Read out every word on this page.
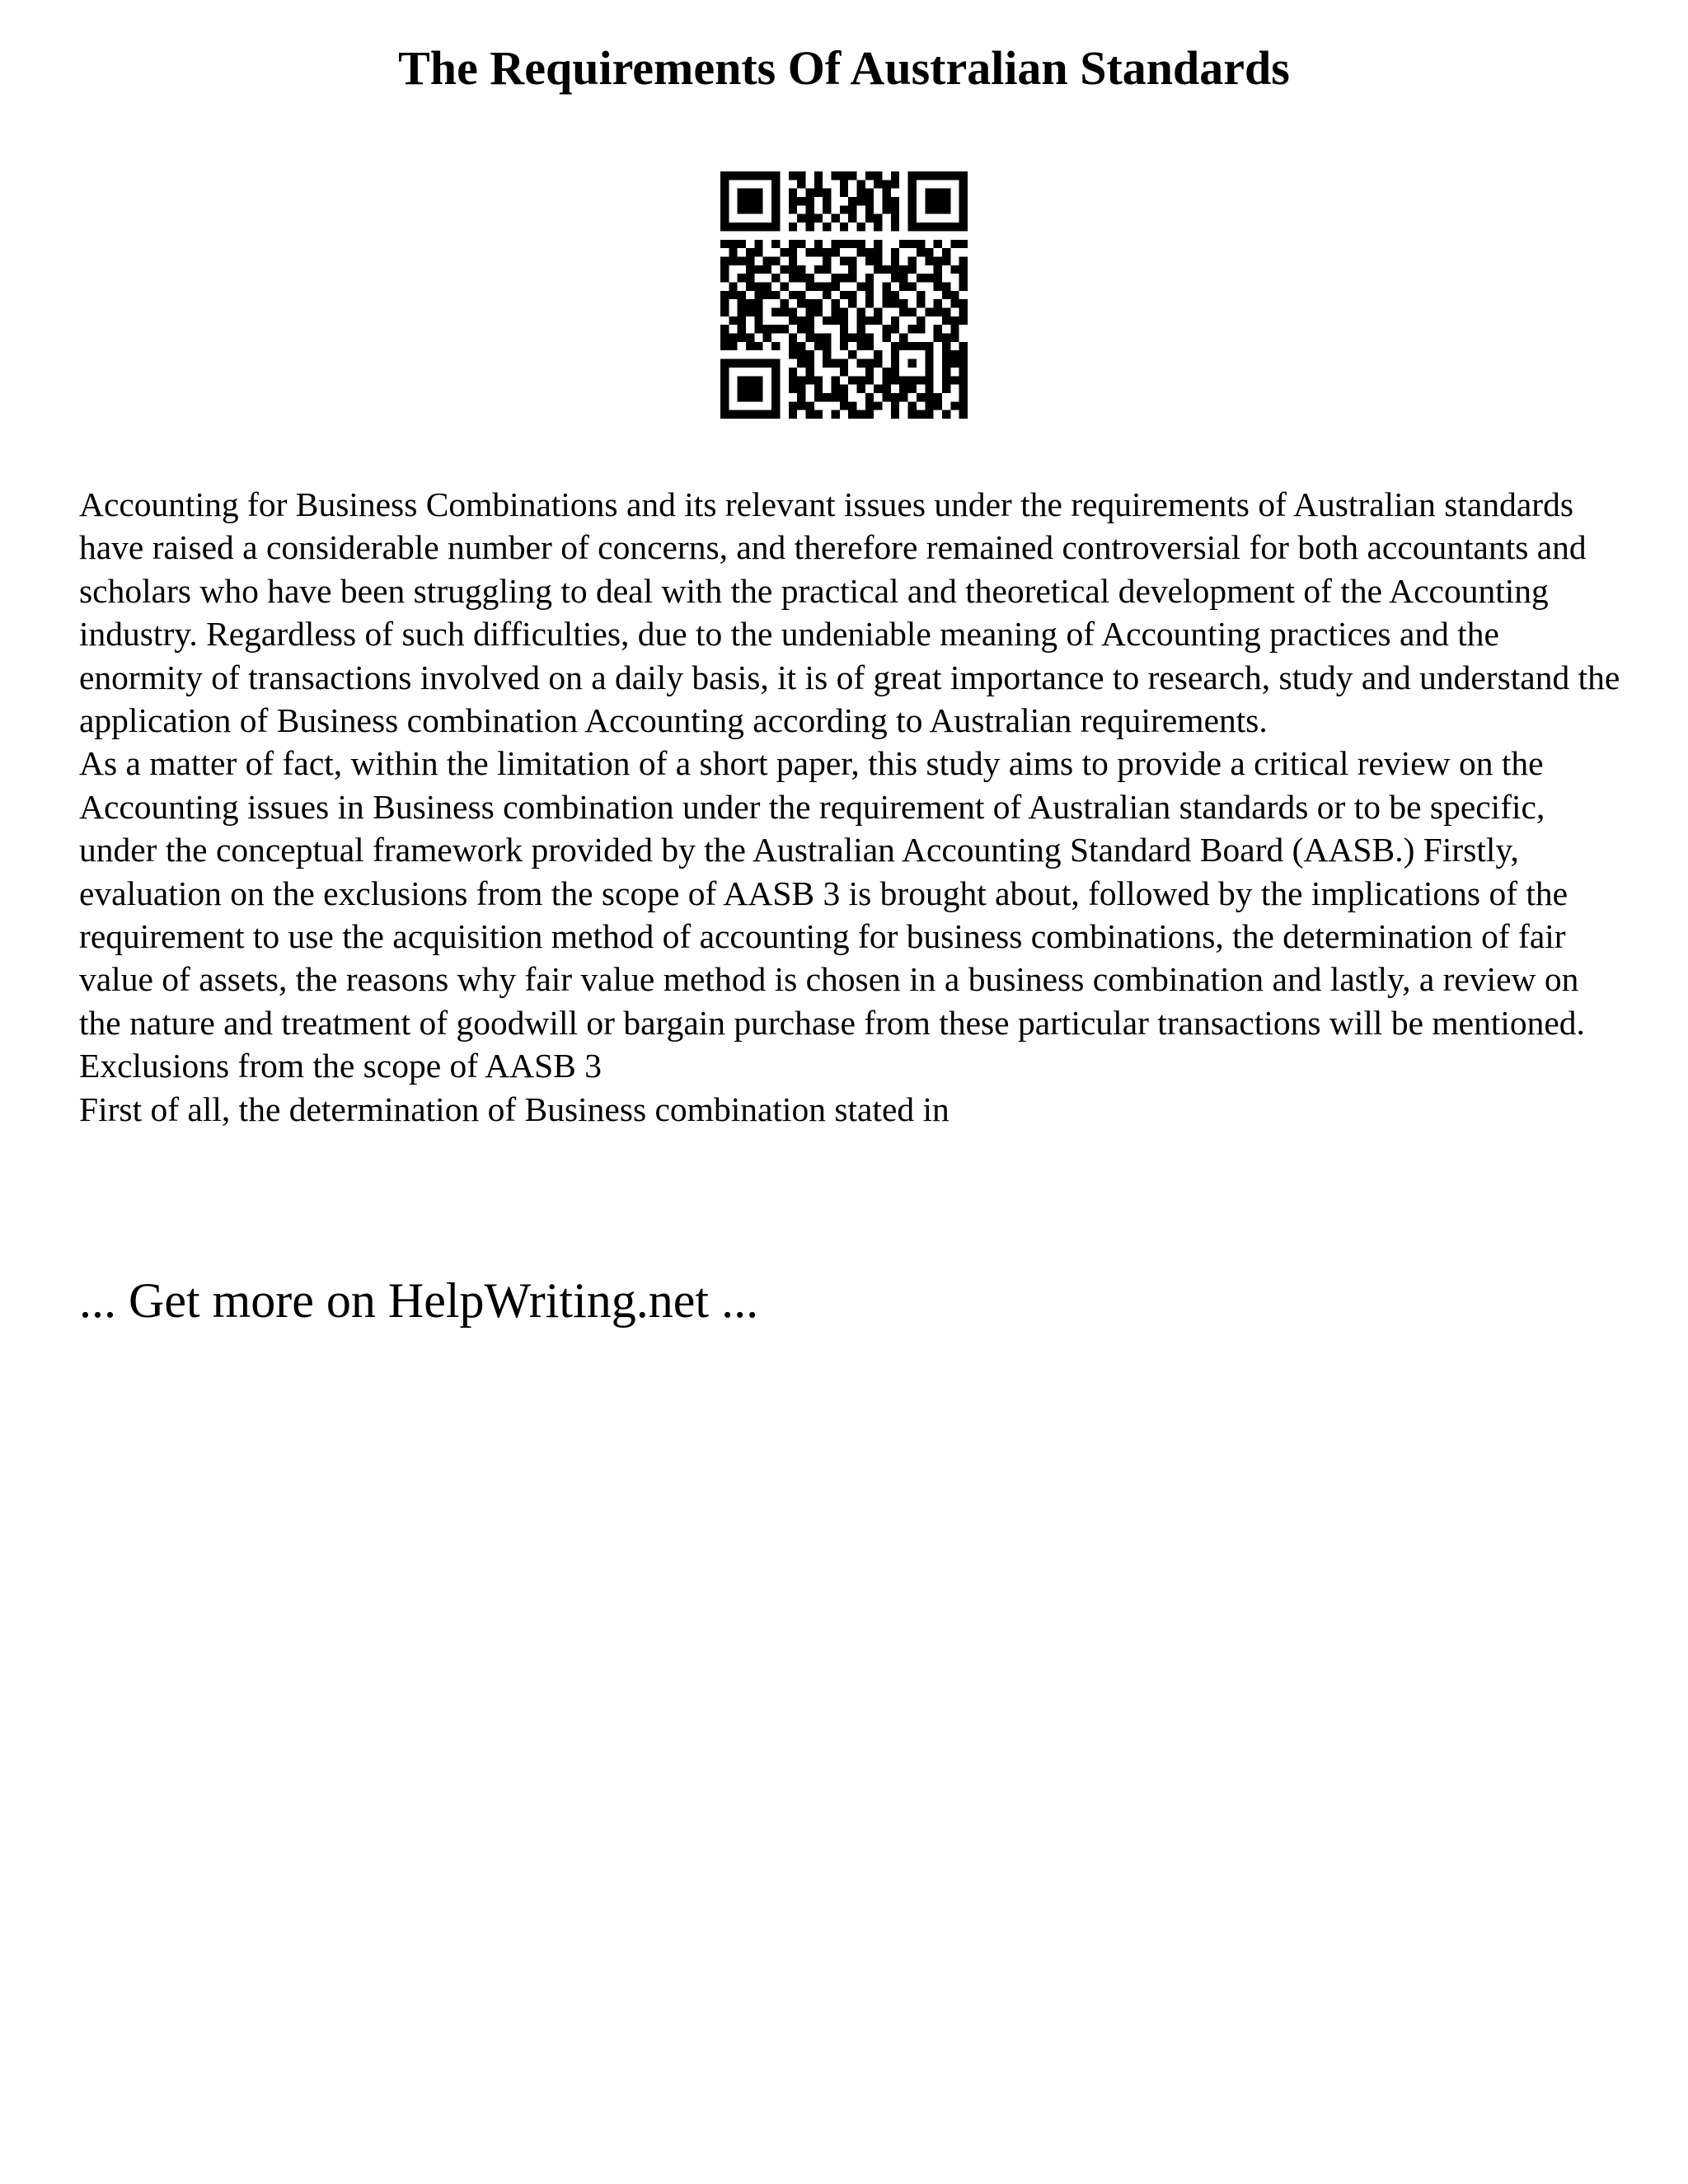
The Requirements Of Australian Standards

Accounting for Business Combinations and its relevant issues under the requirements of Australian standards have raised a considerable number of concerns, and therefore remained controversial for both accountants and scholars who have been struggling to deal with the practical and theoretical development of the Accounting industry. Regardless of such difficulties, due to the undeniable meaning of Accounting practices and the enormity of transactions involved on a daily basis, it is of great importance to research, study and understand the application of Business combination Accounting according to Australian requirements.

As a matter of fact, within the limitation of a short paper, this study aims to provide a critical review on the Accounting issues in Business combination under the requirement of Australian standards or to be specific, under the conceptual framework provided by the Australian Accounting Standard Board (AASB.) Firstly, evaluation on the exclusions from the scope of AASB 3 is brought about, followed by the implications of the requirement to use the acquisition method of accounting for business combinations, the determination of fair value of assets, the reasons why fair value method is chosen in a business combination and lastly, a review on the nature and treatment of goodwill or bargain purchase from these particular transactions will be mentioned.

Exclusions from the scope of AASB 3

First of all, the determination of Business combination stated in

... Get more on HelpWriting.net ...
